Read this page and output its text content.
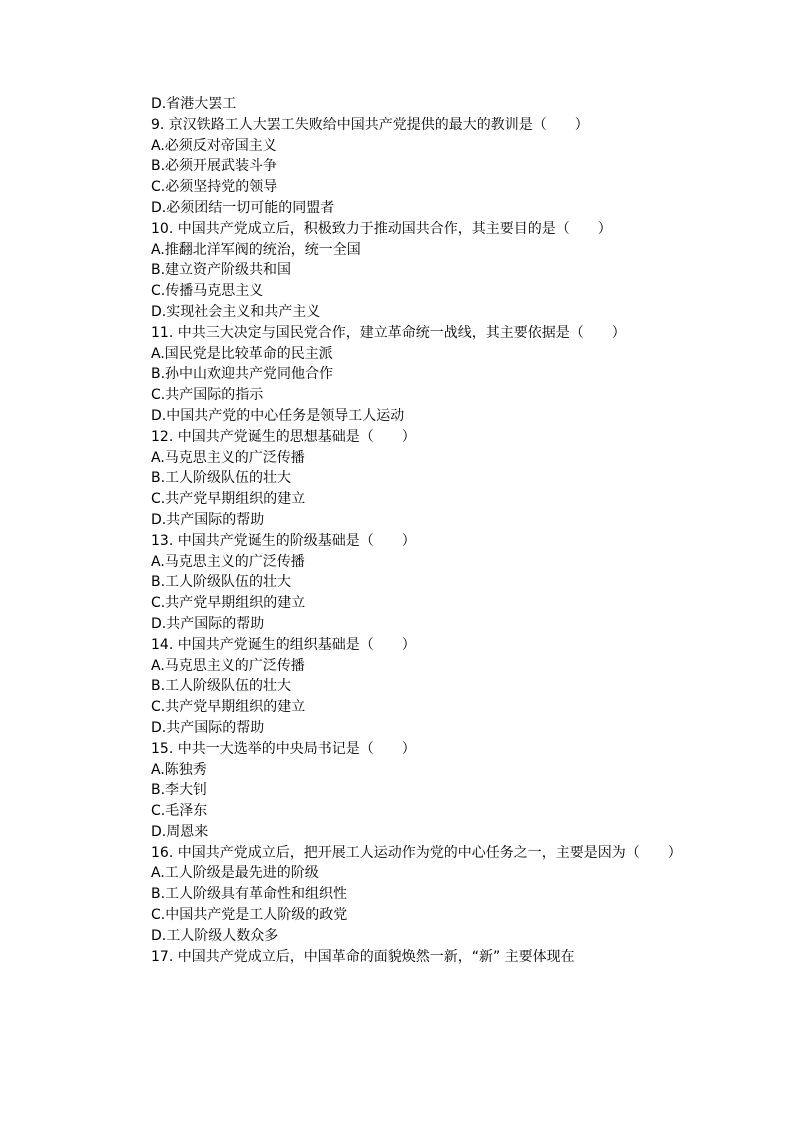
D.省港大罢工
9. 京汉铁路工人大罢工失败给中国共产党提供的最大的教训是（　　）
A.必须反对帝国主义
B.必须开展武装斗争
C.必须坚持党的领导
D.必须团结一切可能的同盟者
10. 中国共产党成立后，积极致力于推动国共合作，其主要目的是（　　）
A.推翻北洋军阀的统治，统一全国
B.建立资产阶级共和国
C.传播马克思主义
D.实现社会主义和共产主义
11. 中共三大决定与国民党合作，建立革命统一战线，其主要依据是（　　）
A.国民党是比较革命的民主派
B.孙中山欢迎共产党同他合作
C.共产国际的指示
D.中国共产党的中心任务是领导工人运动
12. 中国共产党诞生的思想基础是（　　）
A.马克思主义的广泛传播
B.工人阶级队伍的壮大
C.共产党早期组织的建立
D.共产国际的帮助
13. 中国共产党诞生的阶级基础是（　　）
A.马克思主义的广泛传播
B.工人阶级队伍的壮大
C.共产党早期组织的建立
D.共产国际的帮助
14. 中国共产党诞生的组织基础是（　　）
A.马克思主义的广泛传播
B.工人阶级队伍的壮大
C.共产党早期组织的建立
D.共产国际的帮助
15. 中共一大选举的中央局书记是（　　）
A.陈独秀
B.李大钊
C.毛泽东
D.周恩来
16. 中国共产党成立后，把开展工人运动作为党的中心任务之一，主要是因为（　　）
A.工人阶级是最先进的阶级
B.工人阶级具有革命性和组织性
C.中国共产党是工人阶级的政党
D.工人阶级人数众多
17. 中国共产党成立后，中国革命的面貌焕然一新，“新” 主要体现在
